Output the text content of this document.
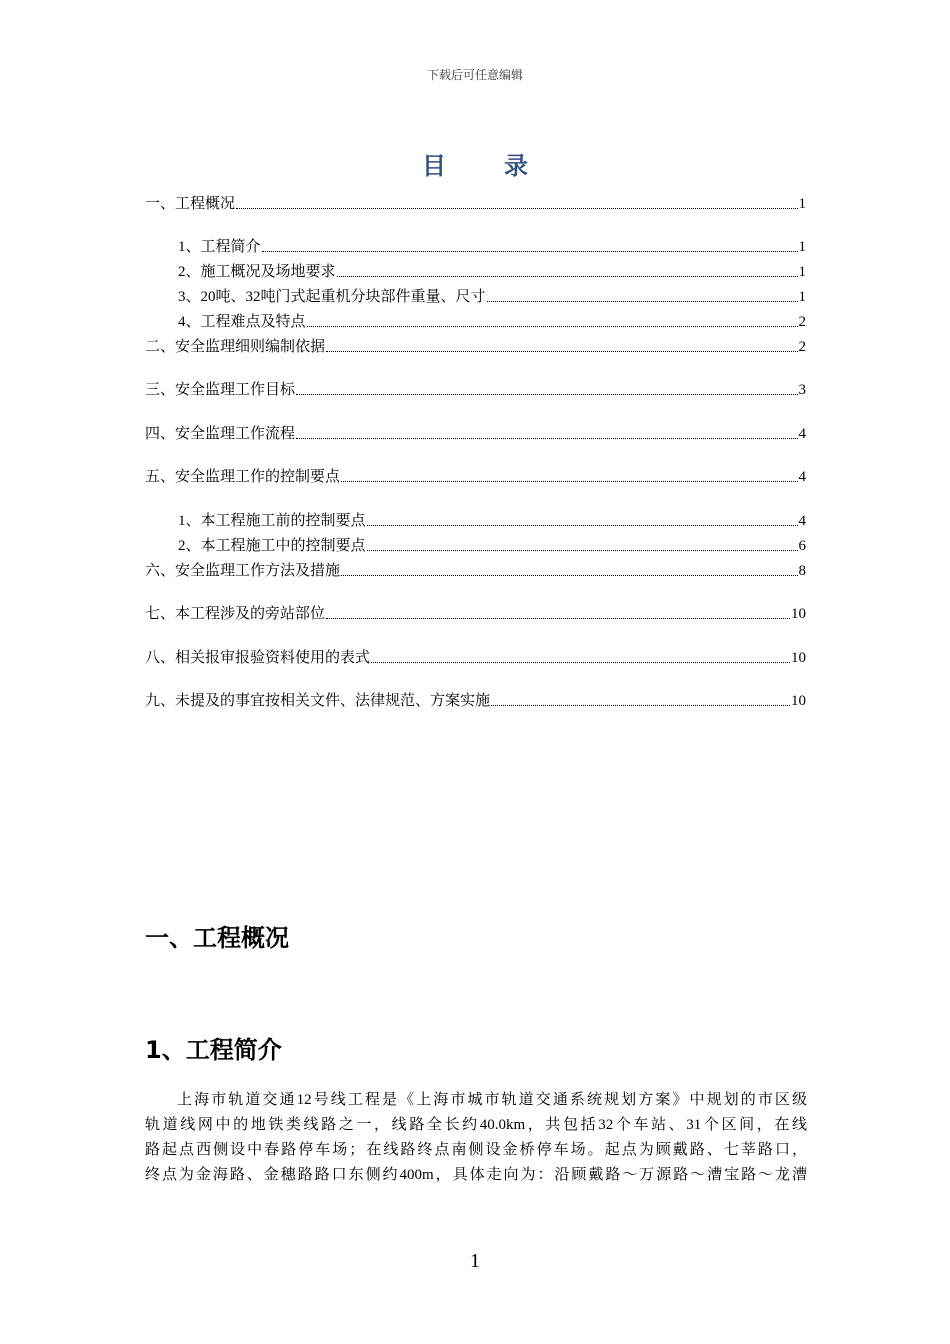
下载后可任意编辑
目 录
一、工程概况	1
1、工程简介	1
2、施工概况及场地要求	1
3、20吨、32吨门式起重机分块部件重量、尺寸	1
4、工程难点及特点	2
二、安全监理细则编制依据	2
三、安全监理工作目标	3
四、安全监理工作流程	4
五、安全监理工作的控制要点	4
1、本工程施工前的控制要点	4
2、本工程施工中的控制要点	6
六、安全监理工作方法及措施	8
七、本工程涉及的旁站部位	10
八、相关报审报验资料使用的表式	10
九、未提及的事宜按相关文件、法律规范、方案实施	10
一、工程概况
1、工程简介
上海市轨道交通12号线工程是《上海市城市轨道交通系统规划方案》中规划的市区级
轨道线网中的地铁类线路之一，线路全长约40.0km，共包括32个车站、31个区间，在线
路起点西侧设中春路停车场；在线路终点南侧设金桥停车场。起点为顾戴路、七莘路口，
终点为金海路、金穗路路口东侧约400m，具体走向为：沿顾戴路～万源路～漕宝路～龙漕
1
